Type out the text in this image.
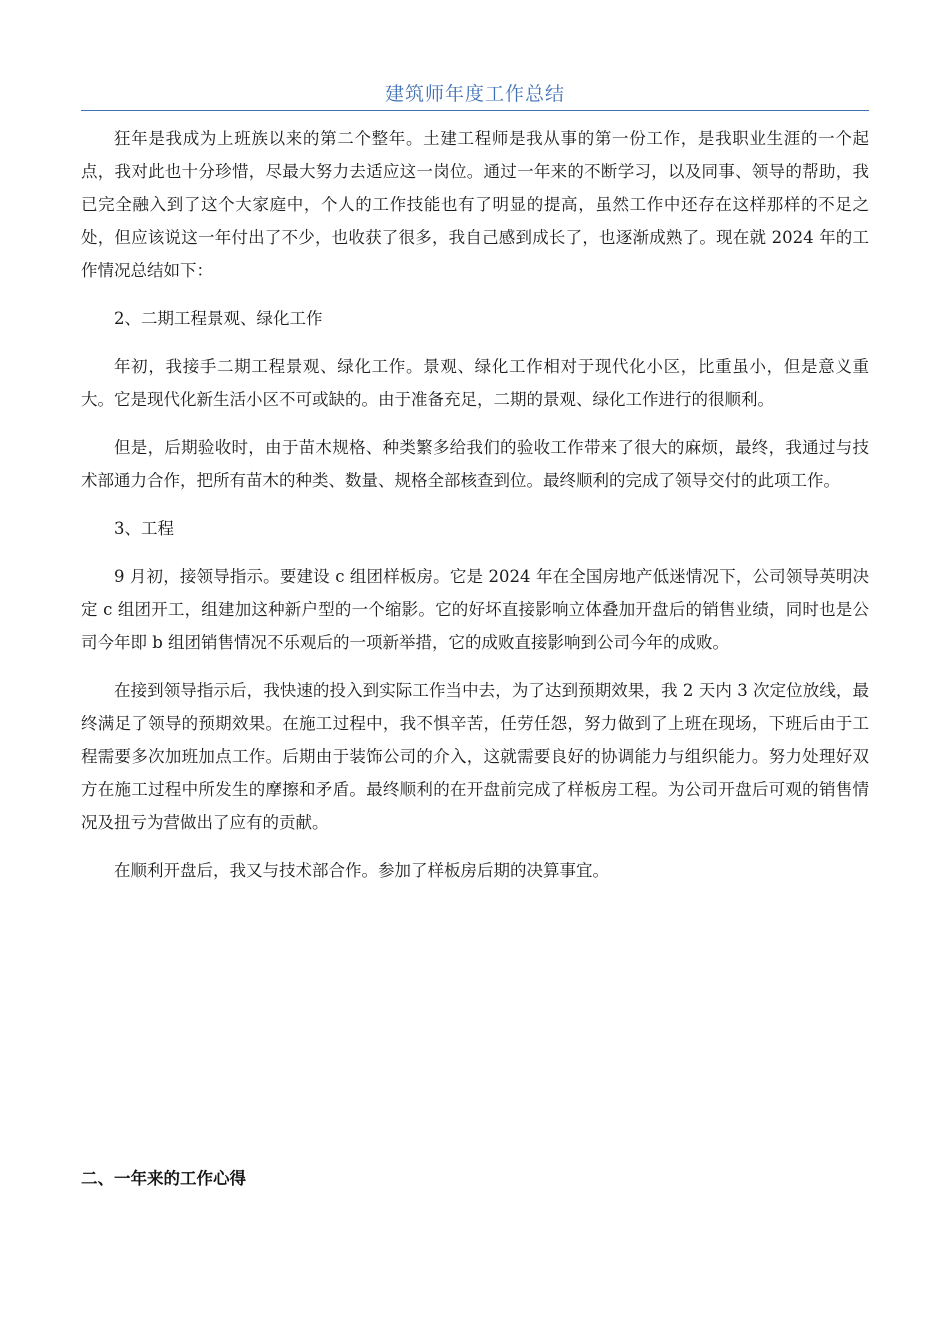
建筑师年度工作总结

狂年是我成为上班族以来的第二个整年。土建工程师是我从事的第一份工作，是我职业生涯的一个起点，我对此也十分珍惜，尽最大努力去适应这一岗位。通过一年来的不断学习，以及同事、领导的帮助，我已完全融入到了这个大家庭中，个人的工作技能也有了明显的提高，虽然工作中还存在这样那样的不足之处，但应该说这一年付出了不少，也收获了很多，我自己感到成长了，也逐渐成熟了。现在就 2024 年的工作情况总结如下：

2、二期工程景观、绿化工作

年初，我接手二期工程景观、绿化工作。景观、绿化工作相对于现代化小区，比重虽小，但是意义重大。它是现代化新生活小区不可或缺的。由于准备充足，二期的景观、绿化工作进行的很顺利。

但是，后期验收时，由于苗木规格、种类繁多给我们的验收工作带来了很大的麻烦，最终，我通过与技术部通力合作，把所有苗木的种类、数量、规格全部核查到位。最终顺利的完成了领导交付的此项工作。

3、工程

9 月初，接领导指示。要建设 c 组团样板房。它是 2024 年在全国房地产低迷情况下，公司领导英明决定 c 组团开工，组建加这种新户型的一个缩影。它的好坏直接影响立体叠加开盘后的销售业绩，同时也是公司今年即 b 组团销售情况不乐观后的一项新举措，它的成败直接影响到公司今年的成败。

在接到领导指示后，我快速的投入到实际工作当中去，为了达到预期效果，我 2 天内 3 次定位放线，最终满足了领导的预期效果。在施工过程中，我不惧辛苦，任劳任怨，努力做到了上班在现场，下班后由于工程需要多次加班加点工作。后期由于装饰公司的介入，这就需要良好的协调能力与组织能力。努力处理好双方在施工过程中所发生的摩擦和矛盾。最终顺利的在开盘前完成了样板房工程。为公司开盘后可观的销售情况及扭亏为营做出了应有的贡献。

在顺利开盘后，我又与技术部合作。参加了样板房后期的决算事宜。

二、一年来的工作心得
